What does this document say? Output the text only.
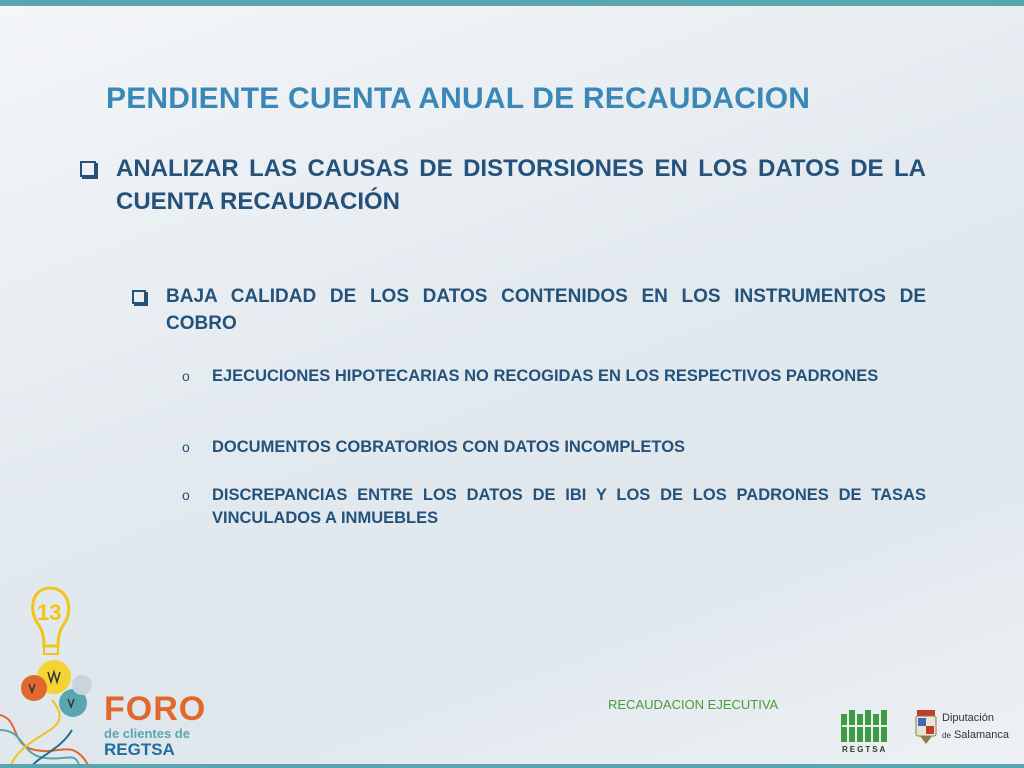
PENDIENTE CUENTA ANUAL DE RECAUDACION
ANALIZAR LAS CAUSAS DE DISTORSIONES EN LOS DATOS DE LA CUENTA RECAUDACIÓN
BAJA CALIDAD DE LOS DATOS CONTENIDOS EN LOS INSTRUMENTOS DE COBRO
o	EJECUCIONES HIPOTECARIAS NO RECOGIDAS EN LOS RESPECTIVOS PADRONES
o	DOCUMENTOS COBRATORIOS CON DATOS INCOMPLETOS
o	DISCREPANCIAS ENTRE LOS DATOS DE IBI Y LOS DE LOS PADRONES DE TASAS VINCULADOS A INMUEBLES
13
FORO
de clientes de
REGTSA
RECAUDACION EJECUTIVA
REGTSA
Diputación
de Salamanca
